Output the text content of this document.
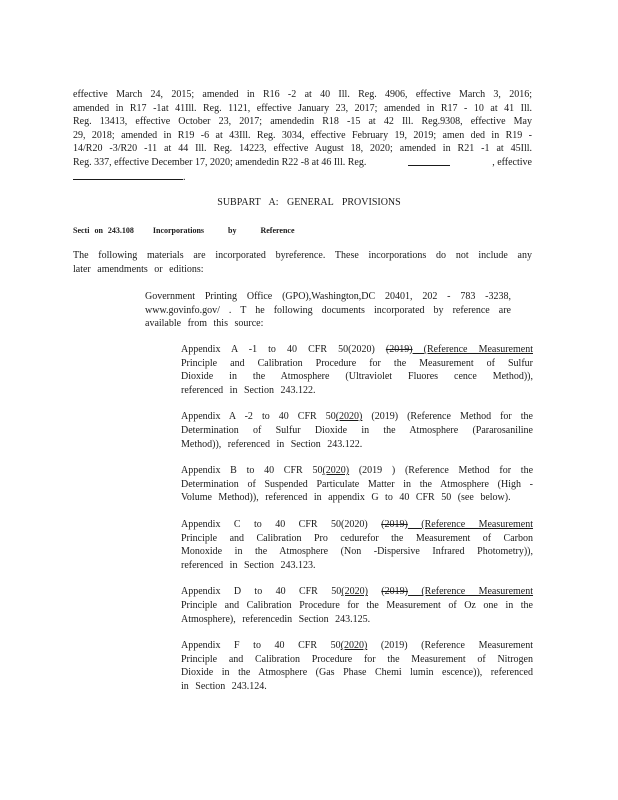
effective March 24, 2015; amended in R16 -2 at 40 Ill. Reg. 4906, effective March 3, 2016;
amended in R17 -1at 41Ill. Reg. 1121, effective January 23, 2017; amended in R17 - 10 at 41 Ill.
Reg. 13413, effective October 23, 2017; amendedin R18 -15 at 42 Ill. Reg.9308, effective May
29, 2018; amended in R19 -6 at 43Ill. Reg. 3034, effective February 19, 2019; amen ded in R19 -
14/R20 -3/R20 -11 at 44 Ill. Reg. 14223, effective August 18, 2020; amended in R21 -1 at 45Ill.
Reg. 337, effective December 17, 2020; amendedin R22 -8 at 46 Ill. Reg.	, effective
.
SUBPART A: GENERAL PROVISIONS
Secti on 243.108 Incorporations by Reference
The following materials are incorporated byreference. These incorporations do not include any
later amendments or editions:
Government Printing Office (GPO),Washington,DC 20401, 202 - 783 -3238,
www.govinfo.gov/ . T he following documents incorporated by reference are
available from this source:
Appendix A -1 to 40 CFR 50(2020) (2019) (Reference Measurement
Principle and Calibration Procedure for the Measurement of Sulfur
Dioxide in the Atmosphere (Ultraviolet Fluores cence Method)),
referenced in Section 243.122.
Appendix A -2 to 40 CFR 50(2020) (2019) (Reference Method for the
Determination of Sulfur Dioxide in the Atmosphere (Pararosaniline
Method)), referenced in Section 243.122.
Appendix B to 40 CFR 50(2020) (2019 ) (Reference Method for the
Determination of Suspended Particulate Matter in the Atmosphere (High -
Volume Method)), referenced in appendix G to 40 CFR 50 (see below).
Appendix C to 40 CFR 50(2020) (2019) (Reference Measurement
Principle and Calibration Pro cedurefor the Measurement of Carbon
Monoxide in the Atmosphere (Non -Dispersive Infrared Photometry)),
referenced in Section 243.123.
Appendix D to 40 CFR 50(2020) (2019) (Reference Measurement
Principle and Calibration Procedure for the Measurement of Oz one in the
Atmosphere), referencedin Section 243.125.
Appendix F to 40 CFR 50(2020) (2019) (Reference Measurement
Principle and Calibration Procedure for the Measurement of Nitrogen
Dioxide in the Atmosphere (Gas Phase Chemi lumin escence)), referenced
in Section 243.124.
